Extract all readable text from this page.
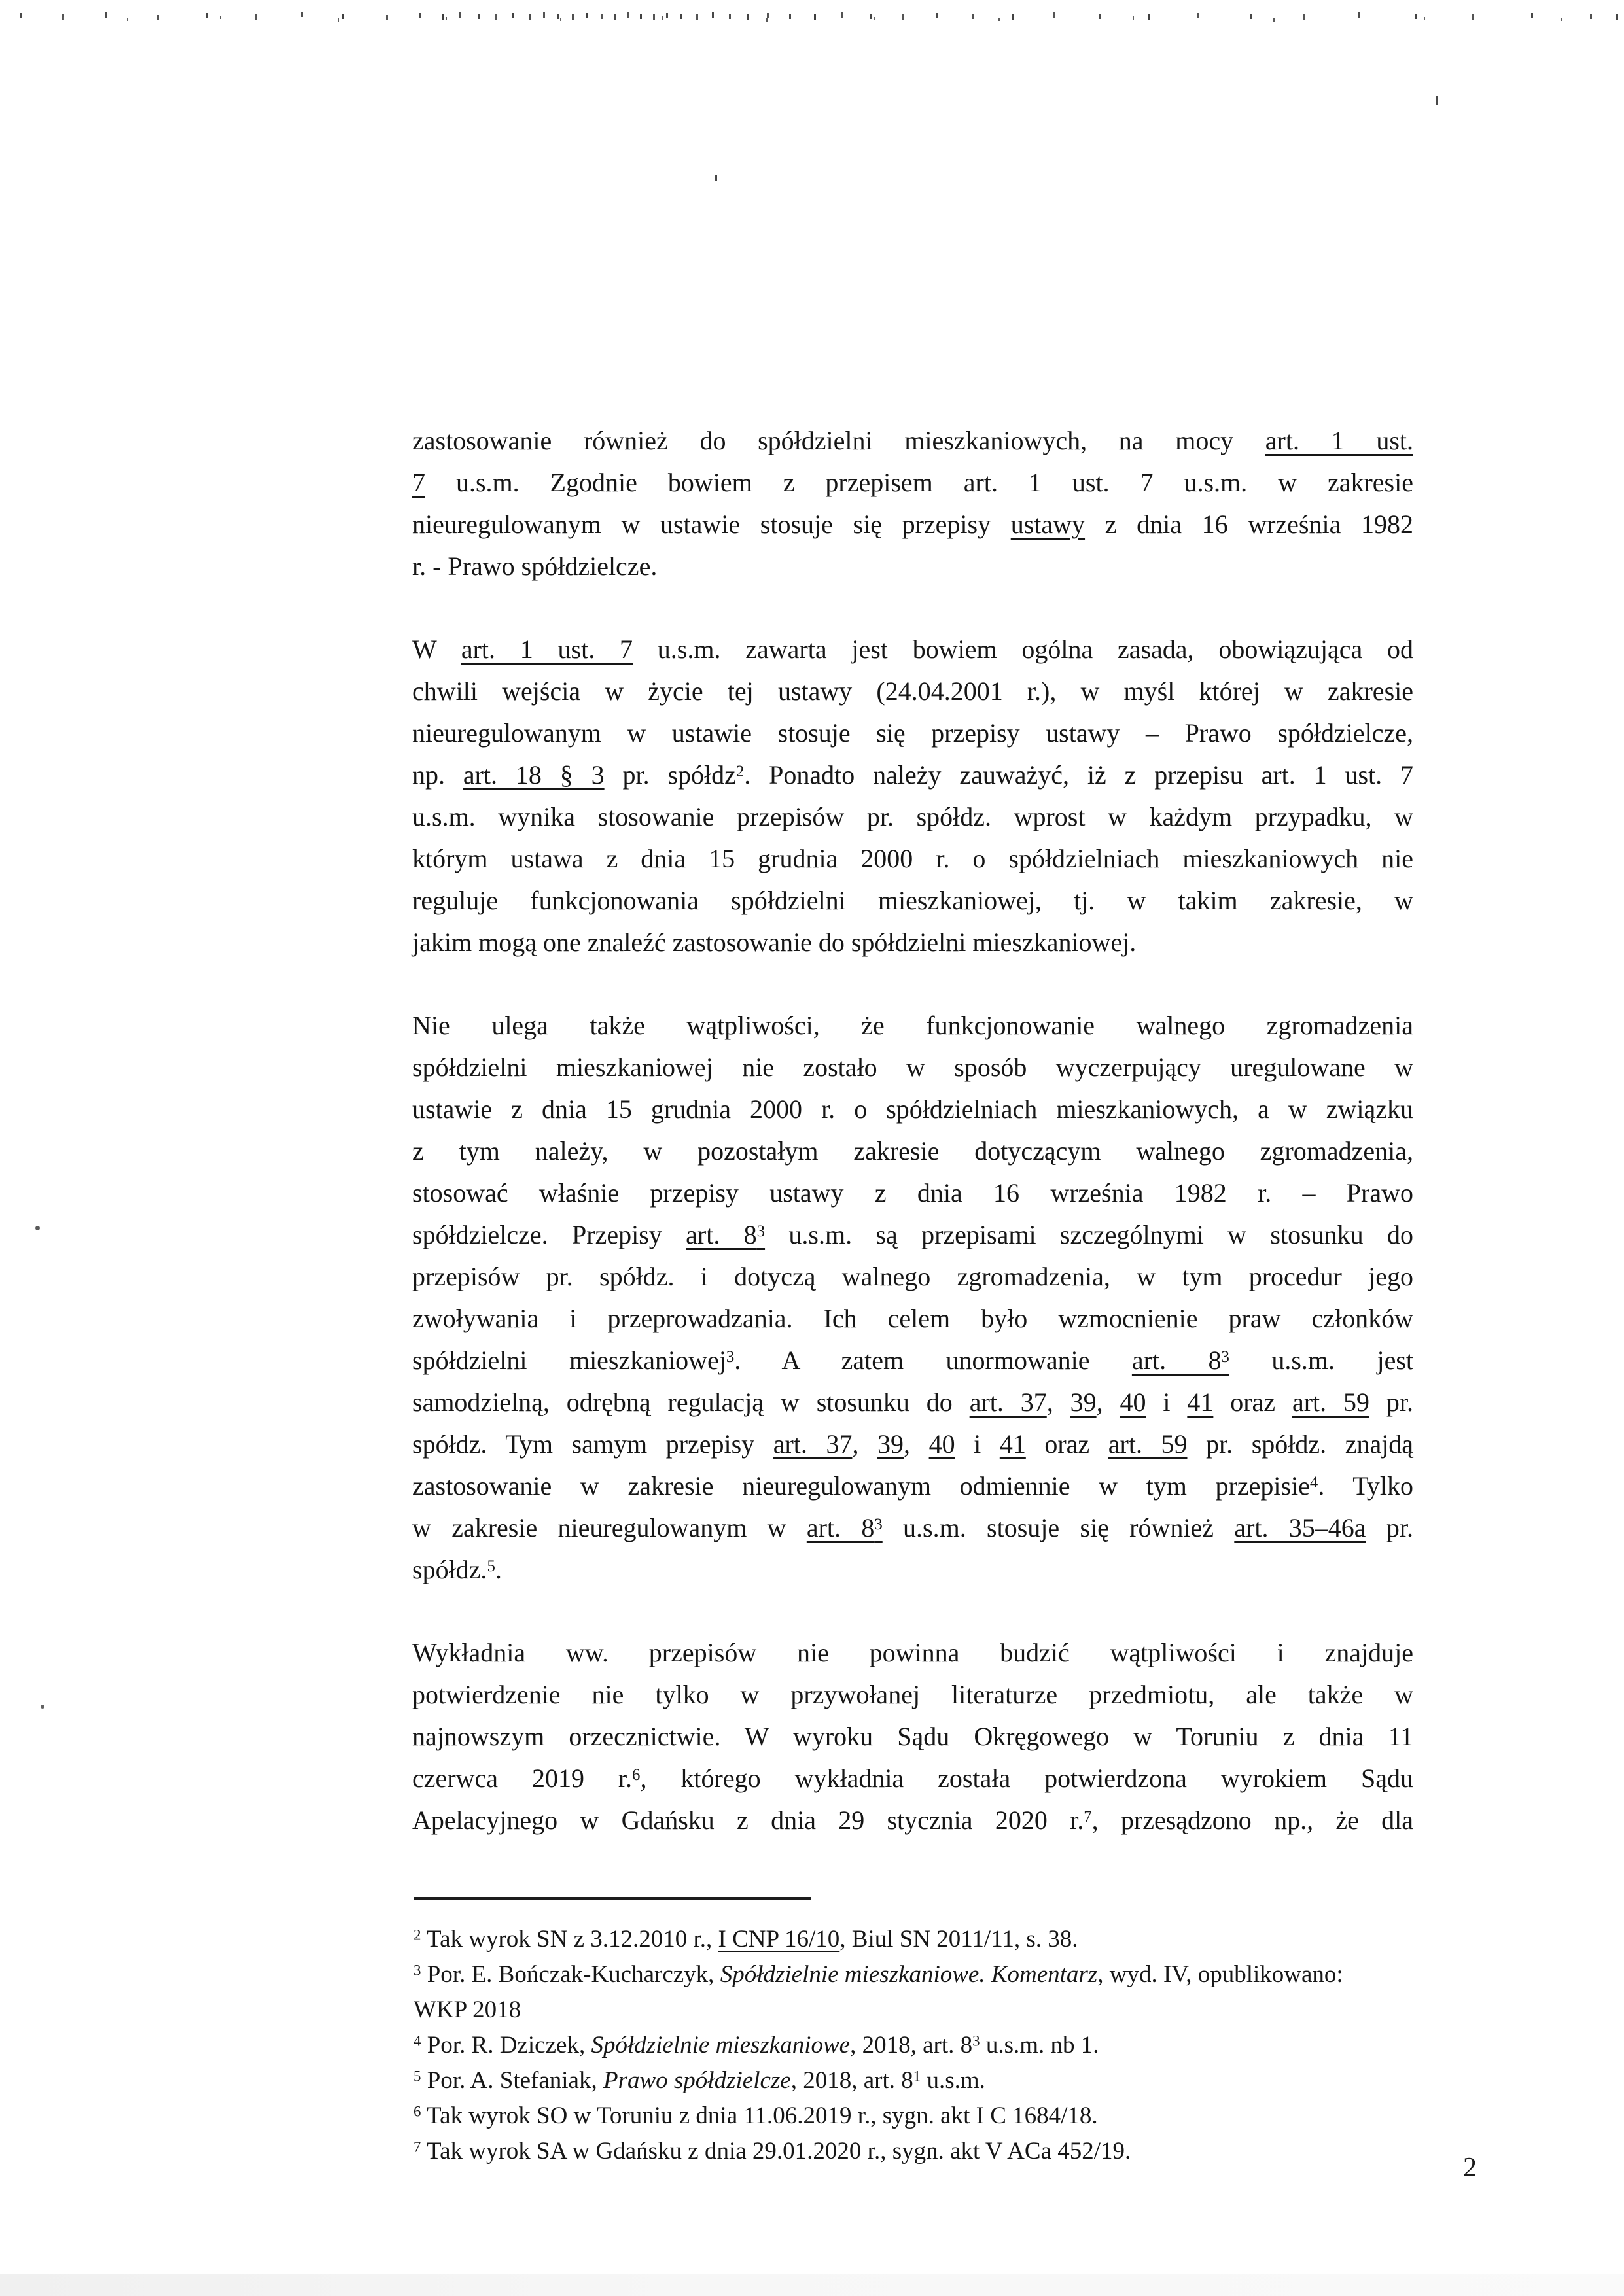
zastosowanie również do spółdzielni mieszkaniowych, na mocy art. 1 ust.
7 u.s.m. Zgodnie bowiem z przepisem art. 1 ust. 7 u.s.m. w zakresie
nieuregulowanym w ustawie stosuje się przepisy ustawy z dnia 16 września 1982
r. - Prawo spółdzielcze.
W art. 1 ust. 7 u.s.m. zawarta jest bowiem ogólna zasada, obowiązująca od
chwili wejścia w życie tej ustawy (24.04.2001 r.), w myśl której w zakresie
nieuregulowanym w ustawie stosuje się przepisy ustawy – Prawo spółdzielcze,
np. art. 18 § 3 pr. spółdz$^2$. Ponadto należy zauważyć, iż z przepisu art. 1 ust. 7
u.s.m. wynika stosowanie przepisów pr. spółdz. wprost w każdym przypadku, w
którym ustawa z dnia 15 grudnia 2000 r. o spółdzielniach mieszkaniowych nie
reguluje funkcjonowania spółdzielni mieszkaniowej, tj. w takim zakresie, w
jakim mogą one znaleźć zastosowanie do spółdzielni mieszkaniowej.
Nie ulega także wątpliwości, że funkcjonowanie walnego zgromadzenia
spółdzielni mieszkaniowej nie zostało w sposób wyczerpujący uregulowane w
ustawie z dnia 15 grudnia 2000 r. o spółdzielniach mieszkaniowych, a w związku
z tym należy, w pozostałym zakresie dotyczącym walnego zgromadzenia,
stosować właśnie przepisy ustawy z dnia 16 września 1982 r. – Prawo
spółdzielcze. Przepisy art. $8^3$ u.s.m. są przepisami szczególnymi w stosunku do
przepisów pr. spółdz. i dotyczą walnego zgromadzenia, w tym procedur jego
zwoływania i przeprowadzania. Ich celem było wzmocnienie praw członków
spółdzielni mieszkaniowej$^3$. A zatem unormowanie art. $8^3$ u.s.m. jest
samodzielną, odrębną regulacją w stosunku do art. 37, 39, 40 i 41 oraz art. 59 pr.
spółdz. Tym samym przepisy art. 37, 39, 40 i 41 oraz art. 59 pr. spółdz. znajdą
zastosowanie w zakresie nieuregulowanym odmiennie w tym przepisie$^4$. Tylko
w zakresie nieuregulowanym w art. $8^3$ u.s.m. stosuje się również art. 35–46a pr.
spółdz.$^5$.
Wykładnia ww. przepisów nie powinna budzić wątpliwości i znajduje
potwierdzenie nie tylko w przywołanej literaturze przedmiotu, ale także w
najnowszym orzecznictwie. W wyroku Sądu Okręgowego w Toruniu z dnia 11
czerwca 2019 r.$^6$, którego wykładnia została potwierdzona wyrokiem Sądu
Apelacyjnego w Gdańsku z dnia 29 stycznia 2020 r.$^7$, przesądzono np., że dla
$^2$ Tak wyrok SN z 3.12.2010 r., I CNP 16/10, Biul SN 2011/11, s. 38.
$^3$ Por. E. Bończak-Kucharczyk, Spółdzielnie mieszkaniowe. Komentarz, wyd. IV, opublikowano:
WKP 2018
$^4$ Por. R. Dziczek, Spółdzielnie mieszkaniowe, 2018, art. $8^3$ u.s.m. nb 1.
$^5$ Por. A. Stefaniak, Prawo spółdzielcze, 2018, art. $8^1$ u.s.m.
$^6$ Tak wyrok SO w Toruniu z dnia 11.06.2019 r., sygn. akt I C 1684/18.
$^7$ Tak wyrok SA w Gdańsku z dnia 29.01.2020 r., sygn. akt V ACa 452/19.
2
